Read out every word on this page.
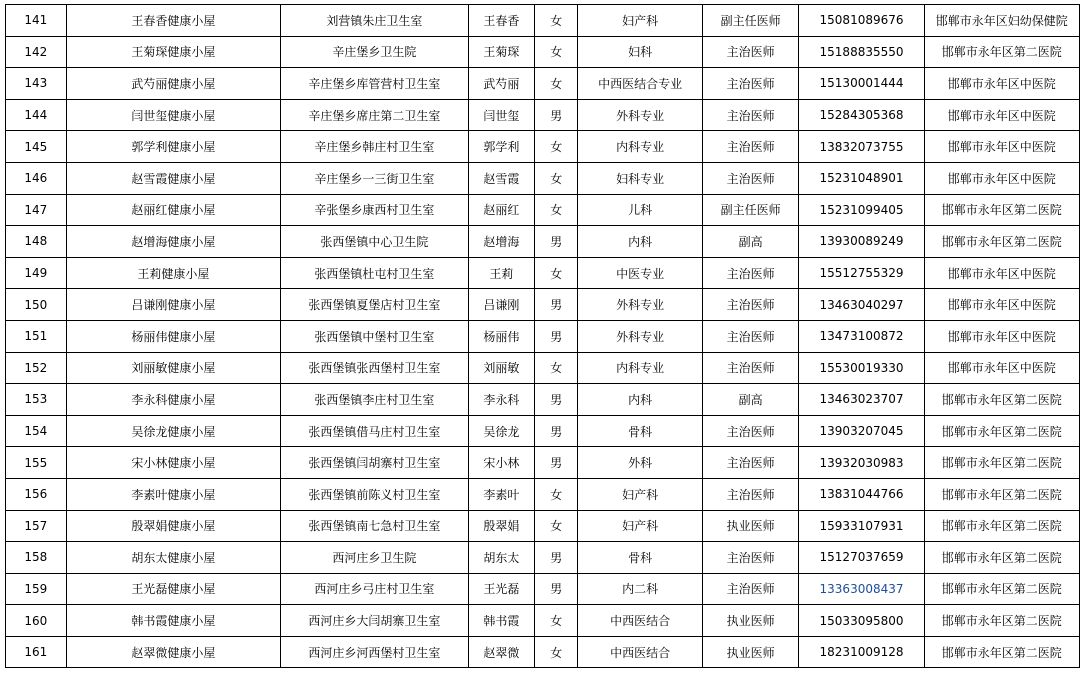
141	王春香健康小屋	刘营镇朱庄卫生室	王春香	女	妇产科	副主任医师	15081089676	邯郸市永年区妇幼保健院
142	王菊琛健康小屋	辛庄堡乡卫生院	王菊琛	女	妇科	主治医师	15188835550	邯郸市永年区第二医院
143	武芍丽健康小屋	辛庄堡乡库管营村卫生室	武芍丽	女	中西医结合专业	主治医师	15130001444	邯郸市永年区中医院
144	闫世玺健康小屋	辛庄堡乡席庄第二卫生室	闫世玺	男	外科专业	主治医师	15284305368	邯郸市永年区中医院
145	郭学利健康小屋	辛庄堡乡韩庄村卫生室	郭学利	女	内科专业	主治医师	13832073755	邯郸市永年区中医院
146	赵雪霞健康小屋	辛庄堡乡一三街卫生室	赵雪霞	女	妇科专业	主治医师	15231048901	邯郸市永年区中医院
147	赵丽红健康小屋	辛张堡乡康西村卫生室	赵丽红	女	儿科	副主任医师	15231099405	邯郸市永年区第二医院
148	赵增海健康小屋	张西堡镇中心卫生院	赵增海	男	内科	副高	13930089249	邯郸市永年区第二医院
149	王莉健康小屋	张西堡镇杜屯村卫生室	王莉	女	中医专业	主治医师	15512755329	邯郸市永年区中医院
150	吕谦刚健康小屋	张西堡镇夏堡店村卫生室	吕谦刚	男	外科专业	主治医师	13463040297	邯郸市永年区中医院
151	杨丽伟健康小屋	张西堡镇中堡村卫生室	杨丽伟	男	外科专业	主治医师	13473100872	邯郸市永年区中医院
152	刘丽敏健康小屋	张西堡镇张西堡村卫生室	刘丽敏	女	内科专业	主治医师	15530019330	邯郸市永年区中医院
153	李永科健康小屋	张西堡镇李庄村卫生室	李永科	男	内科	副高	13463023707	邯郸市永年区第二医院
154	吴徐龙健康小屋	张西堡镇借马庄村卫生室	吴徐龙	男	骨科	主治医师	13903207045	邯郸市永年区第二医院
155	宋小林健康小屋	张西堡镇闫胡寨村卫生室	宋小林	男	外科	主治医师	13932030983	邯郸市永年区第二医院
156	李素叶健康小屋	张西堡镇前陈义村卫生室	李素叶	女	妇产科	主治医师	13831044766	邯郸市永年区第二医院
157	殷翠娟健康小屋	张西堡镇南七急村卫生室	殷翠娟	女	妇产科	执业医师	15933107931	邯郸市永年区第二医院
158	胡东太健康小屋	西河庄乡卫生院	胡东太	男	骨科	主治医师	15127037659	邯郸市永年区第二医院
159	王光磊健康小屋	西河庄乡弓庄村卫生室	王光磊	男	内二科	主治医师	13363008437	邯郸市永年区第二医院
160	韩书霞健康小屋	西河庄乡大闫胡寨卫生室	韩书霞	女	中西医结合	执业医师	15033095800	邯郸市永年区第二医院
161	赵翠微健康小屋	西河庄乡河西堡村卫生室	赵翠微	女	中西医结合	执业医师	18231009128	邯郸市永年区第二医院
